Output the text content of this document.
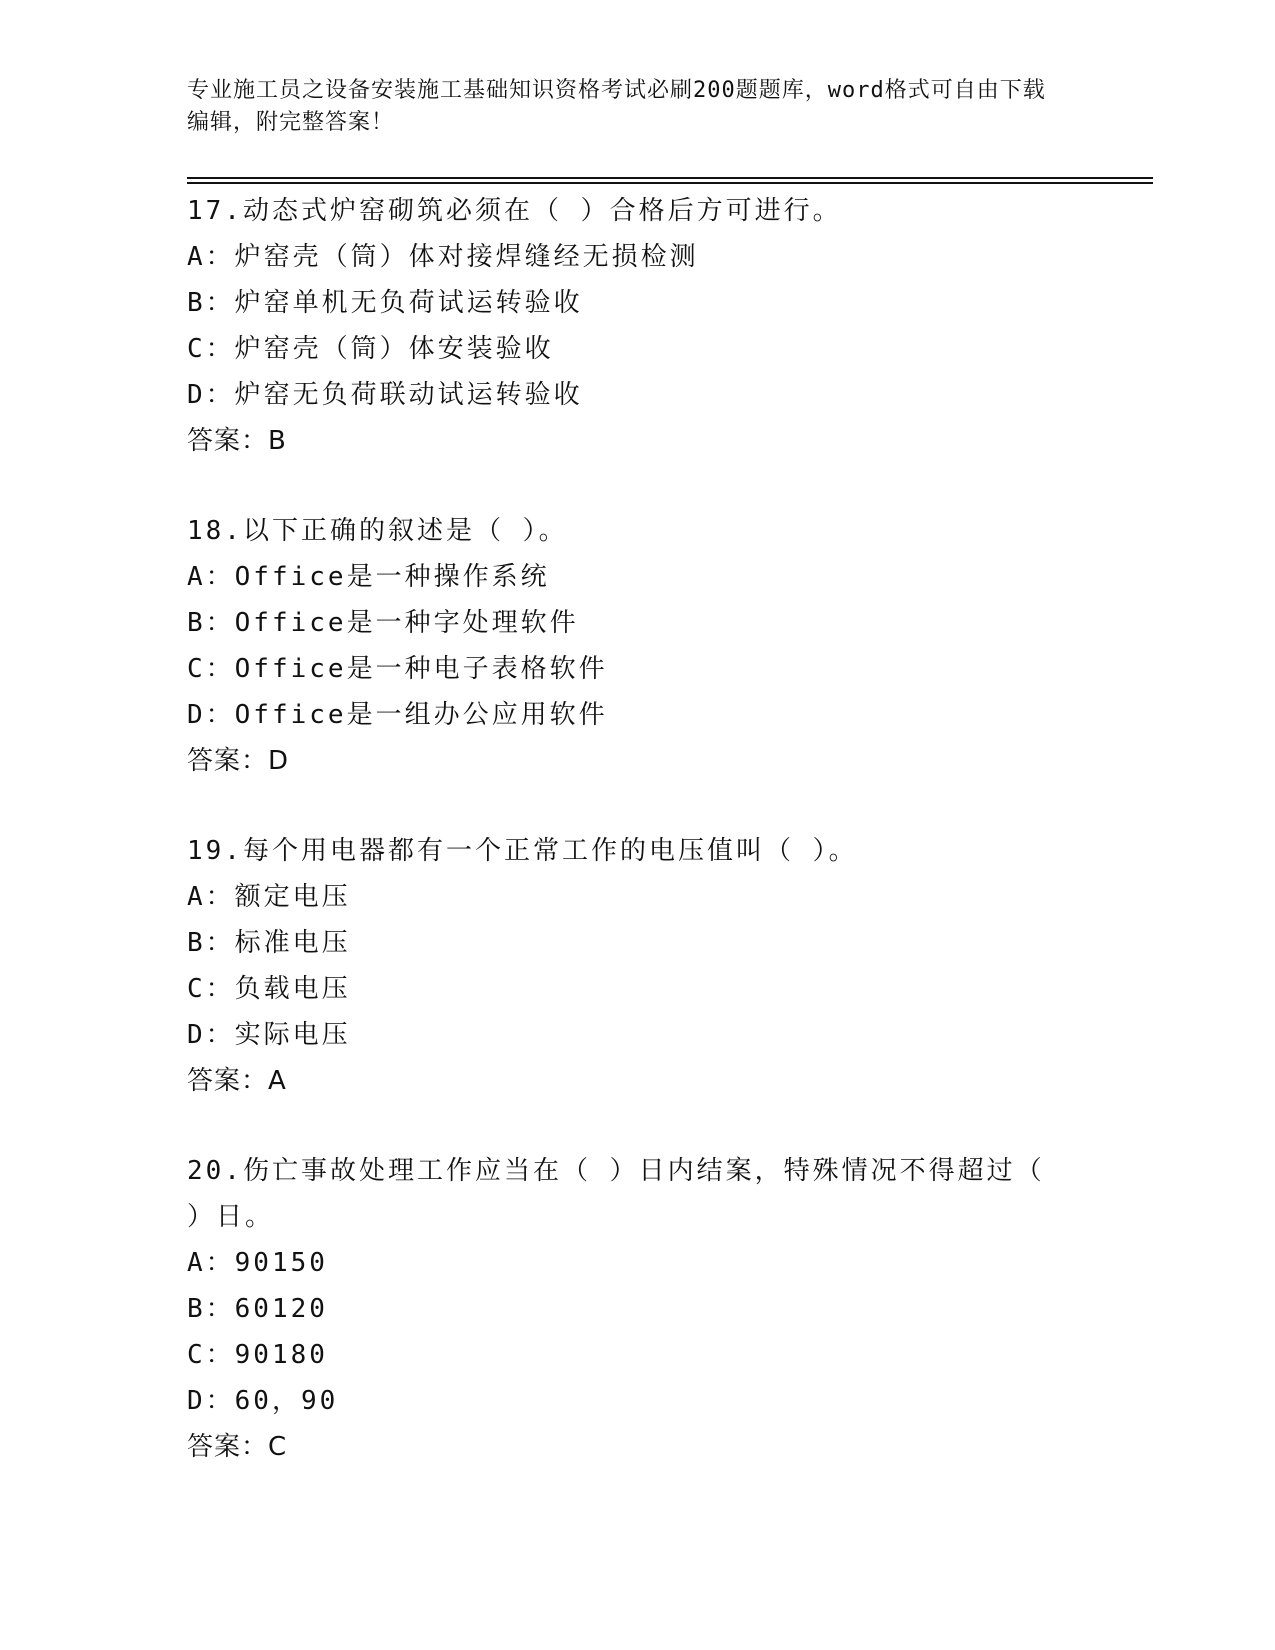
专业施工员之设备安装施工基础知识资格考试必刷200题题库，word格式可自由下载编辑，附完整答案！

17.动态式炉窑砌筑必须在（ ）合格后方可进行。

A：炉窑壳（筒）体对接焊缝经无损检测

B：炉窑单机无负荷试运转验收

C：炉窑壳（筒）体安装验收

D：炉窑无负荷联动试运转验收

答案：B

18.以下正确的叙述是（ ）。

A：Office是一种操作系统

B：Office是一种字处理软件

C：Office是一种电子表格软件

D：Office是一组办公应用软件

答案：D

19.每个用电器都有一个正常工作的电压值叫（ ）。

A：额定电压

B：标准电压

C：负载电压

D：实际电压

答案：A

20.伤亡事故处理工作应当在（ ）日内结案，特殊情况不得超过（ ）日。

A：90150

B：60120

C：90180

D：60，90

答案：C
